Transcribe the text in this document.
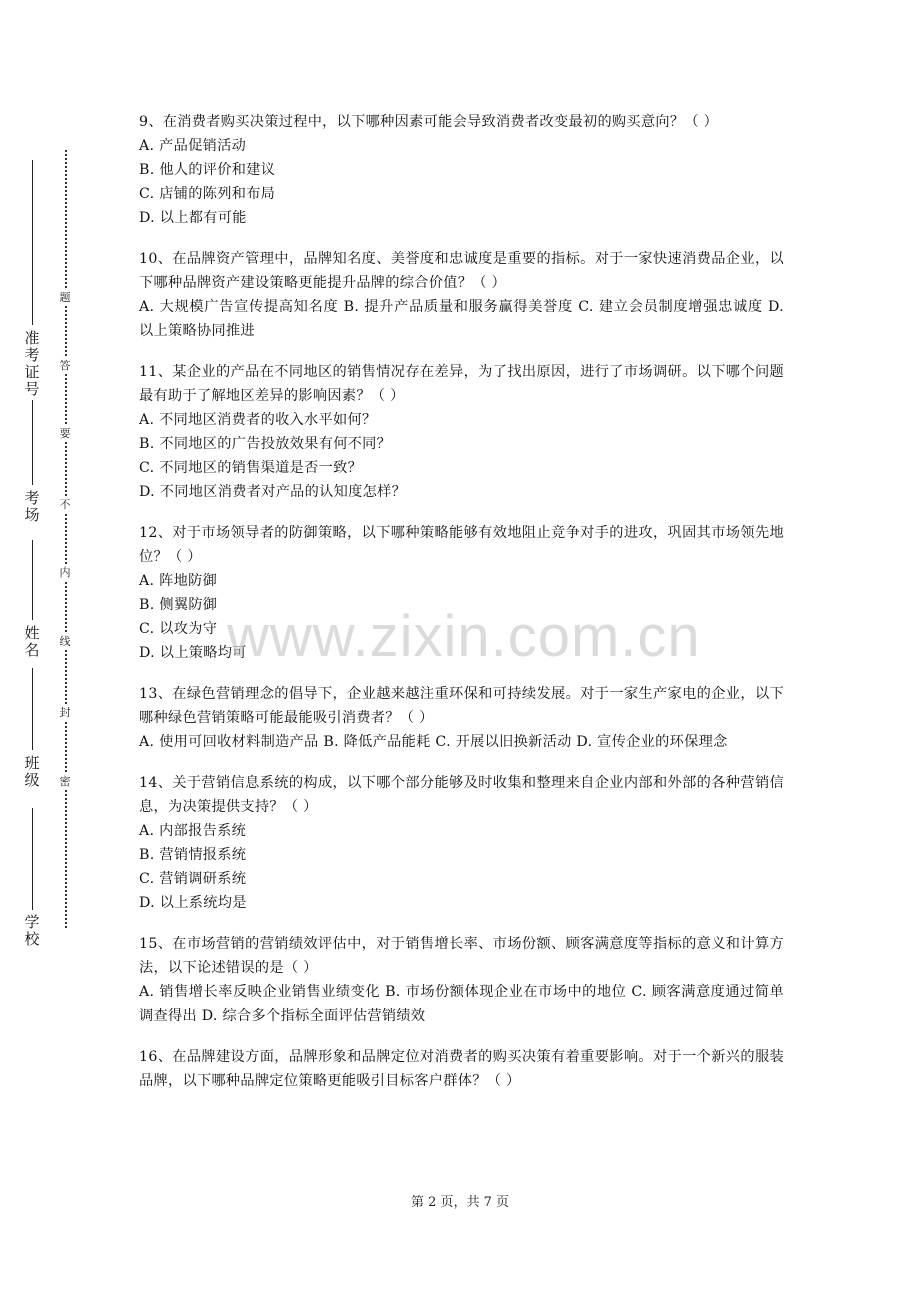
准考证号
考场
姓名
班级
学校
题
答
要
不
内
线
封
密
9、在消费者购买决策过程中，以下哪种因素可能会导致消费者改变最初的购买意向？（ ）
A. 产品促销活动
B. 他人的评价和建议
C. 店铺的陈列和布局
D. 以上都有可能
10、在品牌资产管理中，品牌知名度、美誉度和忠诚度是重要的指标。对于一家快速消费品企业，以下哪种品牌资产建设策略更能提升品牌的综合价值？（ ）
A. 大规模广告宣传提高知名度 B. 提升产品质量和服务赢得美誉度 C. 建立会员制度增强忠诚度 D. 以上策略协同推进
11、某企业的产品在不同地区的销售情况存在差异，为了找出原因，进行了市场调研。以下哪个问题最有助于了解地区差异的影响因素？（ ）
A. 不同地区消费者的收入水平如何？
B. 不同地区的广告投放效果有何不同？
C. 不同地区的销售渠道是否一致？
D. 不同地区消费者对产品的认知度怎样？
12、对于市场领导者的防御策略，以下哪种策略能够有效地阻止竞争对手的进攻，巩固其市场领先地位？（ ）
A. 阵地防御
B. 侧翼防御
C. 以攻为守
D. 以上策略均可
13、在绿色营销理念的倡导下，企业越来越注重环保和可持续发展。对于一家生产家电的企业，以下哪种绿色营销策略可能最能吸引消费者？（ ）
A. 使用可回收材料制造产品 B. 降低产品能耗 C. 开展以旧换新活动 D. 宣传企业的环保理念
14、关于营销信息系统的构成，以下哪个部分能够及时收集和整理来自企业内部和外部的各种营销信息，为决策提供支持？（ ）
A. 内部报告系统
B. 营销情报系统
C. 营销调研系统
D. 以上系统均是
15、在市场营销的营销绩效评估中，对于销售增长率、市场份额、顾客满意度等指标的意义和计算方法，以下论述错误的是（ ）
A. 销售增长率反映企业销售业绩变化 B. 市场份额体现企业在市场中的地位 C. 顾客满意度通过简单调查得出 D. 综合多个指标全面评估营销绩效
16、在品牌建设方面，品牌形象和品牌定位对消费者的购买决策有着重要影响。对于一个新兴的服装品牌，以下哪种品牌定位策略更能吸引目标客户群体？（ ）
www.zixin.com.cn
第 2 页，共 7 页
